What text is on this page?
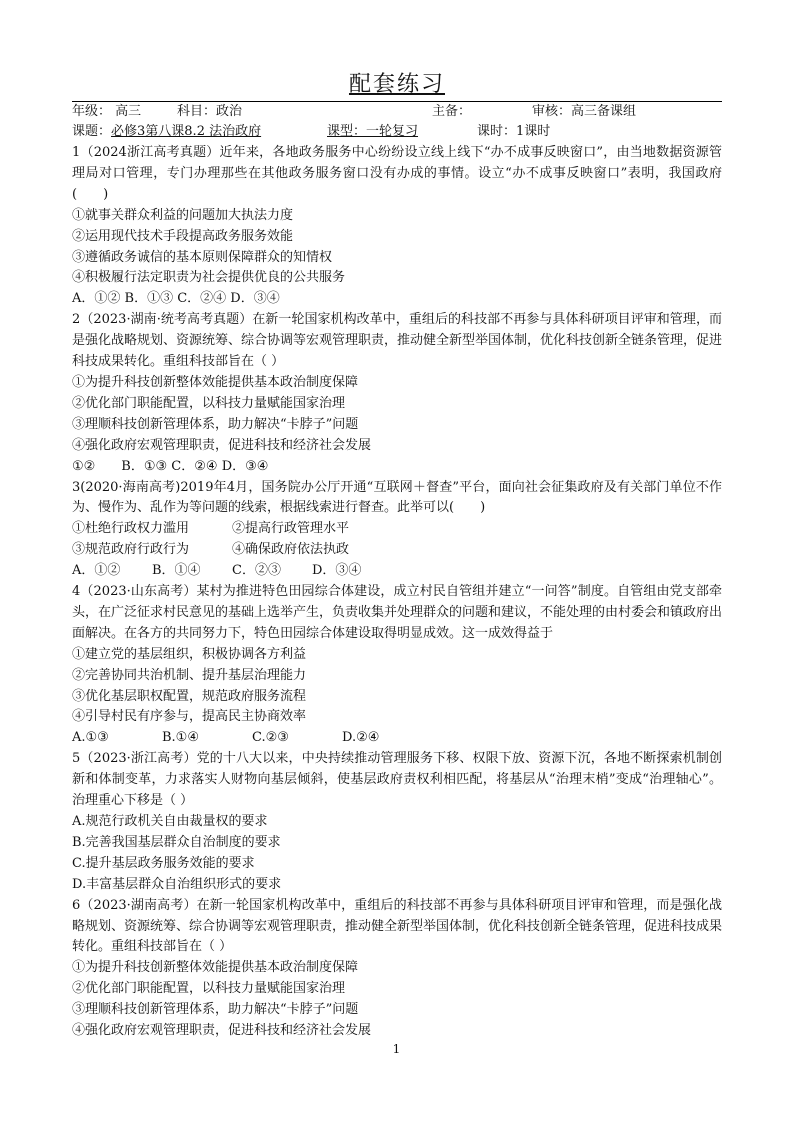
配套练习
年级： 高三	科目：政治	主备：	审核：高三备课组
课题：必修3第八课8.2 法治政府	课型：一轮复习	课时：1课时

1（2024浙江高考真题）近年来，各地政务服务中心纷纷设立线上线下“办不成事反映窗口”，由当地数据资源管理局对口管理，专门办理那些在其他政务服务窗口没有办成的事情。设立“办不成事反映窗口”表明，我国政府(　　)

①就事关群众利益的问题加大执法力度

②运用现代技术手段提高政务服务效能

③遵循政务诚信的基本原则保障群众的知情权

④积极履行法定职责为社会提供优良的公共服务

A．①② B．①③ C．②④ D．③④

2（2023·湖南·统考高考真题）在新一轮国家机构改革中，重组后的科技部不再参与具体科研项目评审和管理，而是强化战略规划、资源统筹、综合协调等宏观管理职责，推动健全新型举国体制，优化科技创新全链条管理，促进科技成果转化。重组科技部旨在（ ）

①为提升科技创新整体效能提供基本政治制度保障

②优化部门职能配置，以科技力量赋能国家治理

③理顺科技创新管理体系，助力解决“卡脖子”问题

④强化政府宏观管理职责，促进科技和经济社会发展

①②　　B．①③ C．②④ D．③④

3(2020·海南高考)2019年4月，国务院办公厅开通“互联网＋督查”平台，面向社会征集政府及有关部门单位不作为、慢作为、乱作为等问题的线索，根据线索进行督查。此举可以(　　)

①杜绝行政权力滥用	②提高行政管理水平
③规范政府行政行为	④确保政府依法执政
A．①②	B．①④	C．②③	D．③④

4（2023·山东高考）某村为推进特色田园综合体建设，成立村民自管组并建立“一问答”制度。自管组由党支部牵头，在广泛征求村民意见的基础上选举产生，负责收集并处理群众的问题和建议，不能处理的由村委会和镇政府出面解决。在各方的共同努力下，特色田园综合体建设取得明显成效。这一成效得益于

①建立党的基层组织，积极协调各方利益

②完善协同共治机制、提升基层治理能力

③优化基层职权配置，规范政府服务流程

④引导村民有序参与，提高民主协商效率

A.①③	B.①④	C.②③	D.②④

5（2023·浙江高考）党的十八大以来，中央持续推动管理服务下移、权限下放、资源下沉，各地不断探索机制创新和体制变革，力求落实人财物向基层倾斜，使基层政府责权利相匹配，将基层从“治理末梢”变成“治理轴心”。治理重心下移是（ ）

A.规范行政机关自由裁量权的要求

B.完善我国基层群众自治制度的要求

C.提升基层政务服务效能的要求

D.丰富基层群众自治组织形式的要求

6（2023·湖南高考）在新一轮国家机构改革中，重组后的科技部不再参与具体科研项目评审和管理，而是强化战略规划、资源统筹、综合协调等宏观管理职责，推动健全新型举国体制，优化科技创新全链条管理，促进科技成果转化。重组科技部旨在（ ）

①为提升科技创新整体效能提供基本政治制度保障

②优化部门职能配置，以科技力量赋能国家治理

③理顺科技创新管理体系，助力解决“卡脖子”问题

④强化政府宏观管理职责，促进科技和经济社会发展

1
